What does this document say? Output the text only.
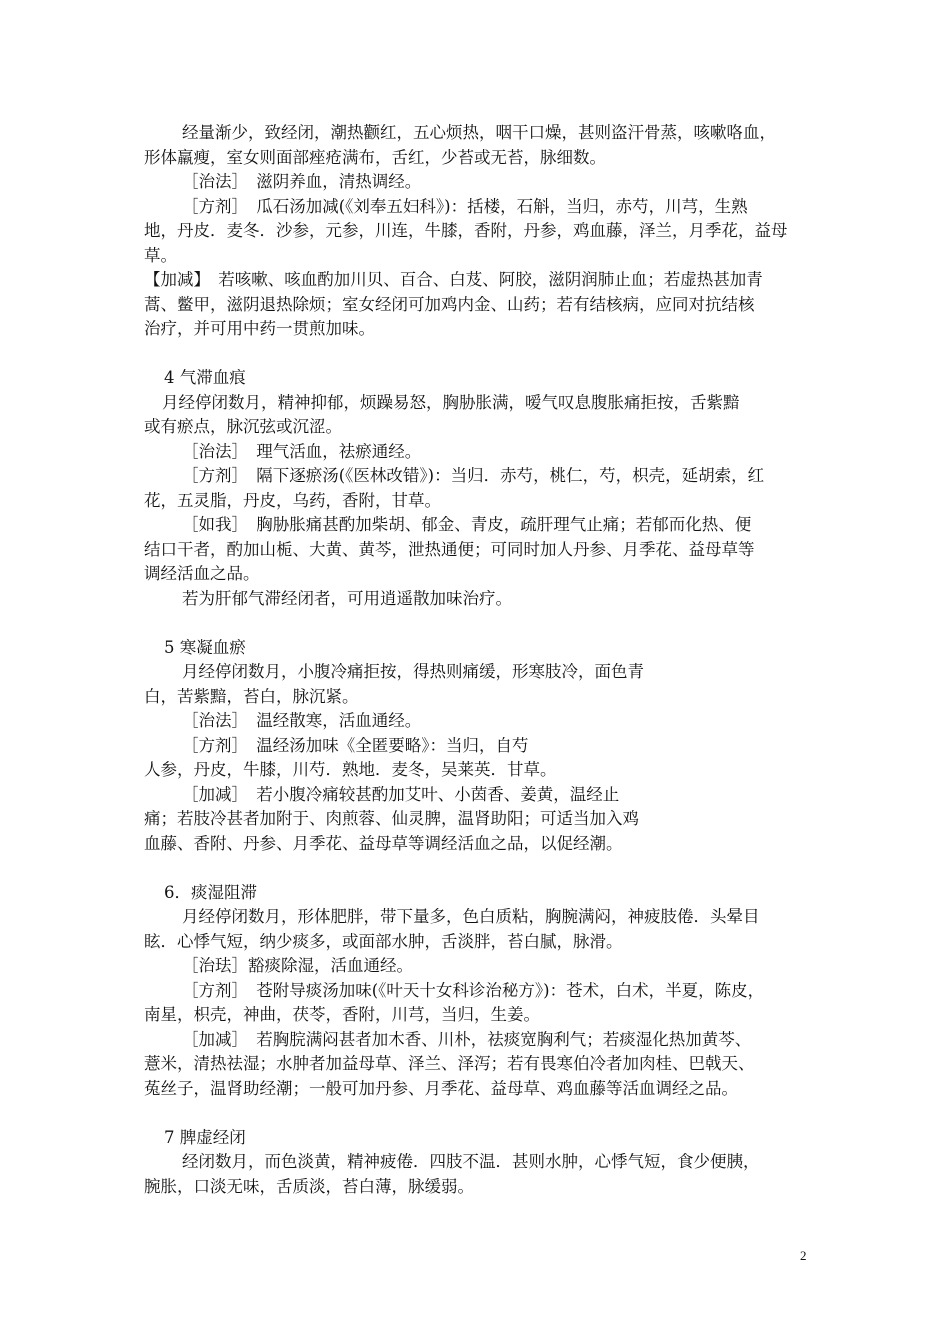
经量渐少，致经闭，潮热颧红，五心烦热，咽干口燥，甚则盗汗骨蒸，咳嗽咯血，
形体羸瘦，室女则面部痤疮满布，舌红，少苔或无苔，脉细数。
［治法］　滋阴养血，清热调经。
［方剂］　瓜石汤加减(《刘奉五妇科》)：括楼，石斛，当归，赤芍，川芎，生熟
地，丹皮．麦冬．沙参，元参，川连，牛膝，香附，丹参，鸡血藤，泽兰，月季花，益母
草。
【加减】　若咳嗽、咳血酌加川贝、百合、白芨、阿胶，滋阴润肺止血；若虚热甚加青
蒿、鳖甲，滋阴退热除烦；室女经闭可加鸡内金、山药；若有结核病，应同对抗结核
治疗，并可用中药一贯煎加味。
4 气滞血痕
月经停闭数月，精神抑郁，烦躁易怒，胸胁胀满，嗳气叹息腹胀痛拒按，舌紫黯
或有瘀点，脉沉弦或沉涩。
［治法］　理气活血，祛瘀通经。
［方剂］　隔下逐瘀汤(《医林改错》)：当归．赤芍，桃仁，芍，枳壳，延胡索，红
花，五灵脂，丹皮，乌药，香附，甘草。
［如我］　胸胁胀痛甚酌加柴胡、郁金、青皮，疏肝理气止痛；若郁而化热、便
结口干者，酌加山栀、大黄、黄芩，泄热通便；可同时加人丹参、月季花、益母草等
调经活血之品。
若为肝郁气滞经闭者，可用逍遥散加味治疗。
5 寒凝血瘀
月经停闭数月，小腹冷痛拒按，得热则痛缓，形寒肢冷，面色青
白，苦紫黯，苔白，脉沉紧。
［治法］　温经散寒，活血通经。
［方剂］　温经汤加味《全匿要略》：当归，自芍
人参，丹皮，牛膝，川芍．熟地．麦冬，吴莱英．甘草。
［加减］　若小腹冷痛较甚酌加艾叶、小茵香、姜黄，温经止
痛；若肢冷甚者加附于、肉煎蓉、仙灵脾，温肾助阳；可适当加入鸡
血藤、香附、丹参、月季花、益母草等调经活血之品，以促经潮。
6．痰湿阻滞
月经停闭数月，形体肥胖，带下量多，色白质粘，胸腕满闷，神疲肢倦．头晕目
眩．心悸气短，纳少痰多，或面部水肿，舌淡胖，苔白腻，脉滑。
［治珐］豁痰除湿，活血通经。
［方剂］　苍附导痰汤加味(《叶天十女科诊治秘方》)：苍术，白术，半夏，陈皮，
南星，枳壳，神曲，茯苓，香附，川芎，当归，生姜。
［加减］　若胸脘满闷甚者加木香、川朴，祛痰宽胸利气；若痰湿化热加黄芩、
薏米，清热祛湿；水肿者加益母草、泽兰、泽泻；若有畏寒伯冷者加肉桂、巴戟天、
菟丝子，温肾助经潮；一般可加丹参、月季花、益母草、鸡血藤等活血调经之品。
7 脾虚经闭
经闭数月，而色淡黄，精神疲倦．四肢不温．甚则水肿，心悸气短，食少便胰，
腕胀，口淡无味，舌质淡，苔白薄，脉缓弱。
2
